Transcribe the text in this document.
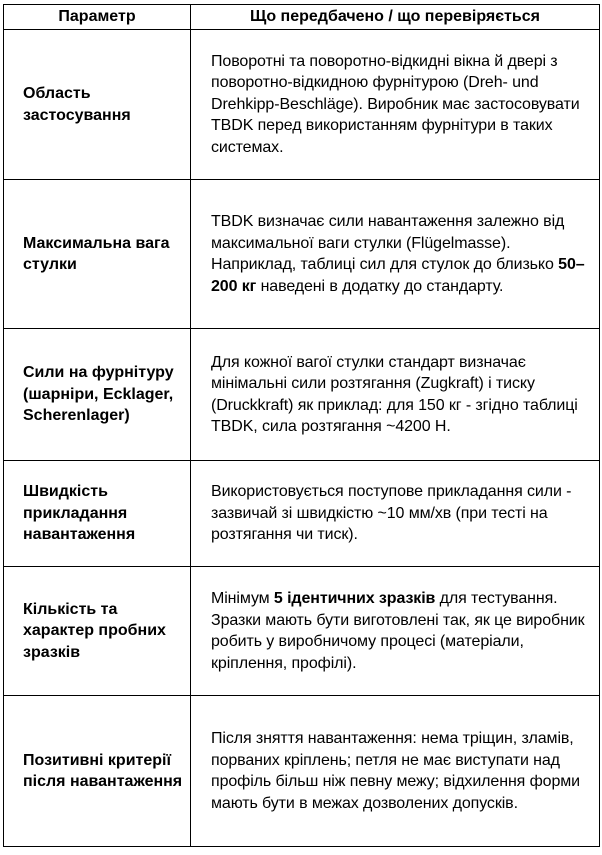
Параметр	Що передбачено / що перевіряється
Область застосування	Поворотні та поворотно-відкидні вікна й двері з поворотно-відкидною фурнітурою (Dreh- und Drehkipp-Beschläge). Виробник має застосовувати TBDK перед використанням фурнітури в таких системах.
Максимальна вага стулки	TBDK визначає сили навантаження залежно від максимальної ваги стулки (Flügelmasse). Наприклад, таблиці сил для стулок до близько 50–200 кг наведені в додатку до стандарту.
Сили на фурнітуру (шарніри, Ecklager, Scherenlager)	Для кожної вагої стулки стандарт визначає мінімальні сили розтягання (Zugkraft) і тиску (Druckkraft) як приклад: для 150 кг - згідно таблиці TBDK, сила розтягання ~4200 Н.
Швидкість прикладання навантаження	Використовується поступове прикладання сили - зазвичай зі швидкістю ~10 мм/хв (при тесті на розтягання чи тиск).
Кількість та характер пробних зразків	Мінімум 5 ідентичних зразків для тестування. Зразки мають бути виготовлені так, як це виробник робить у виробничому процесі (матеріали, кріплення, профілі).
Позитивні критерії після навантаження	Після зняття навантаження: нема тріщин, зламів, порваних кріплень; петля не має виступати над профіль більш ніж певну межу; відхилення форми мають бути в межах дозволених допусків.
